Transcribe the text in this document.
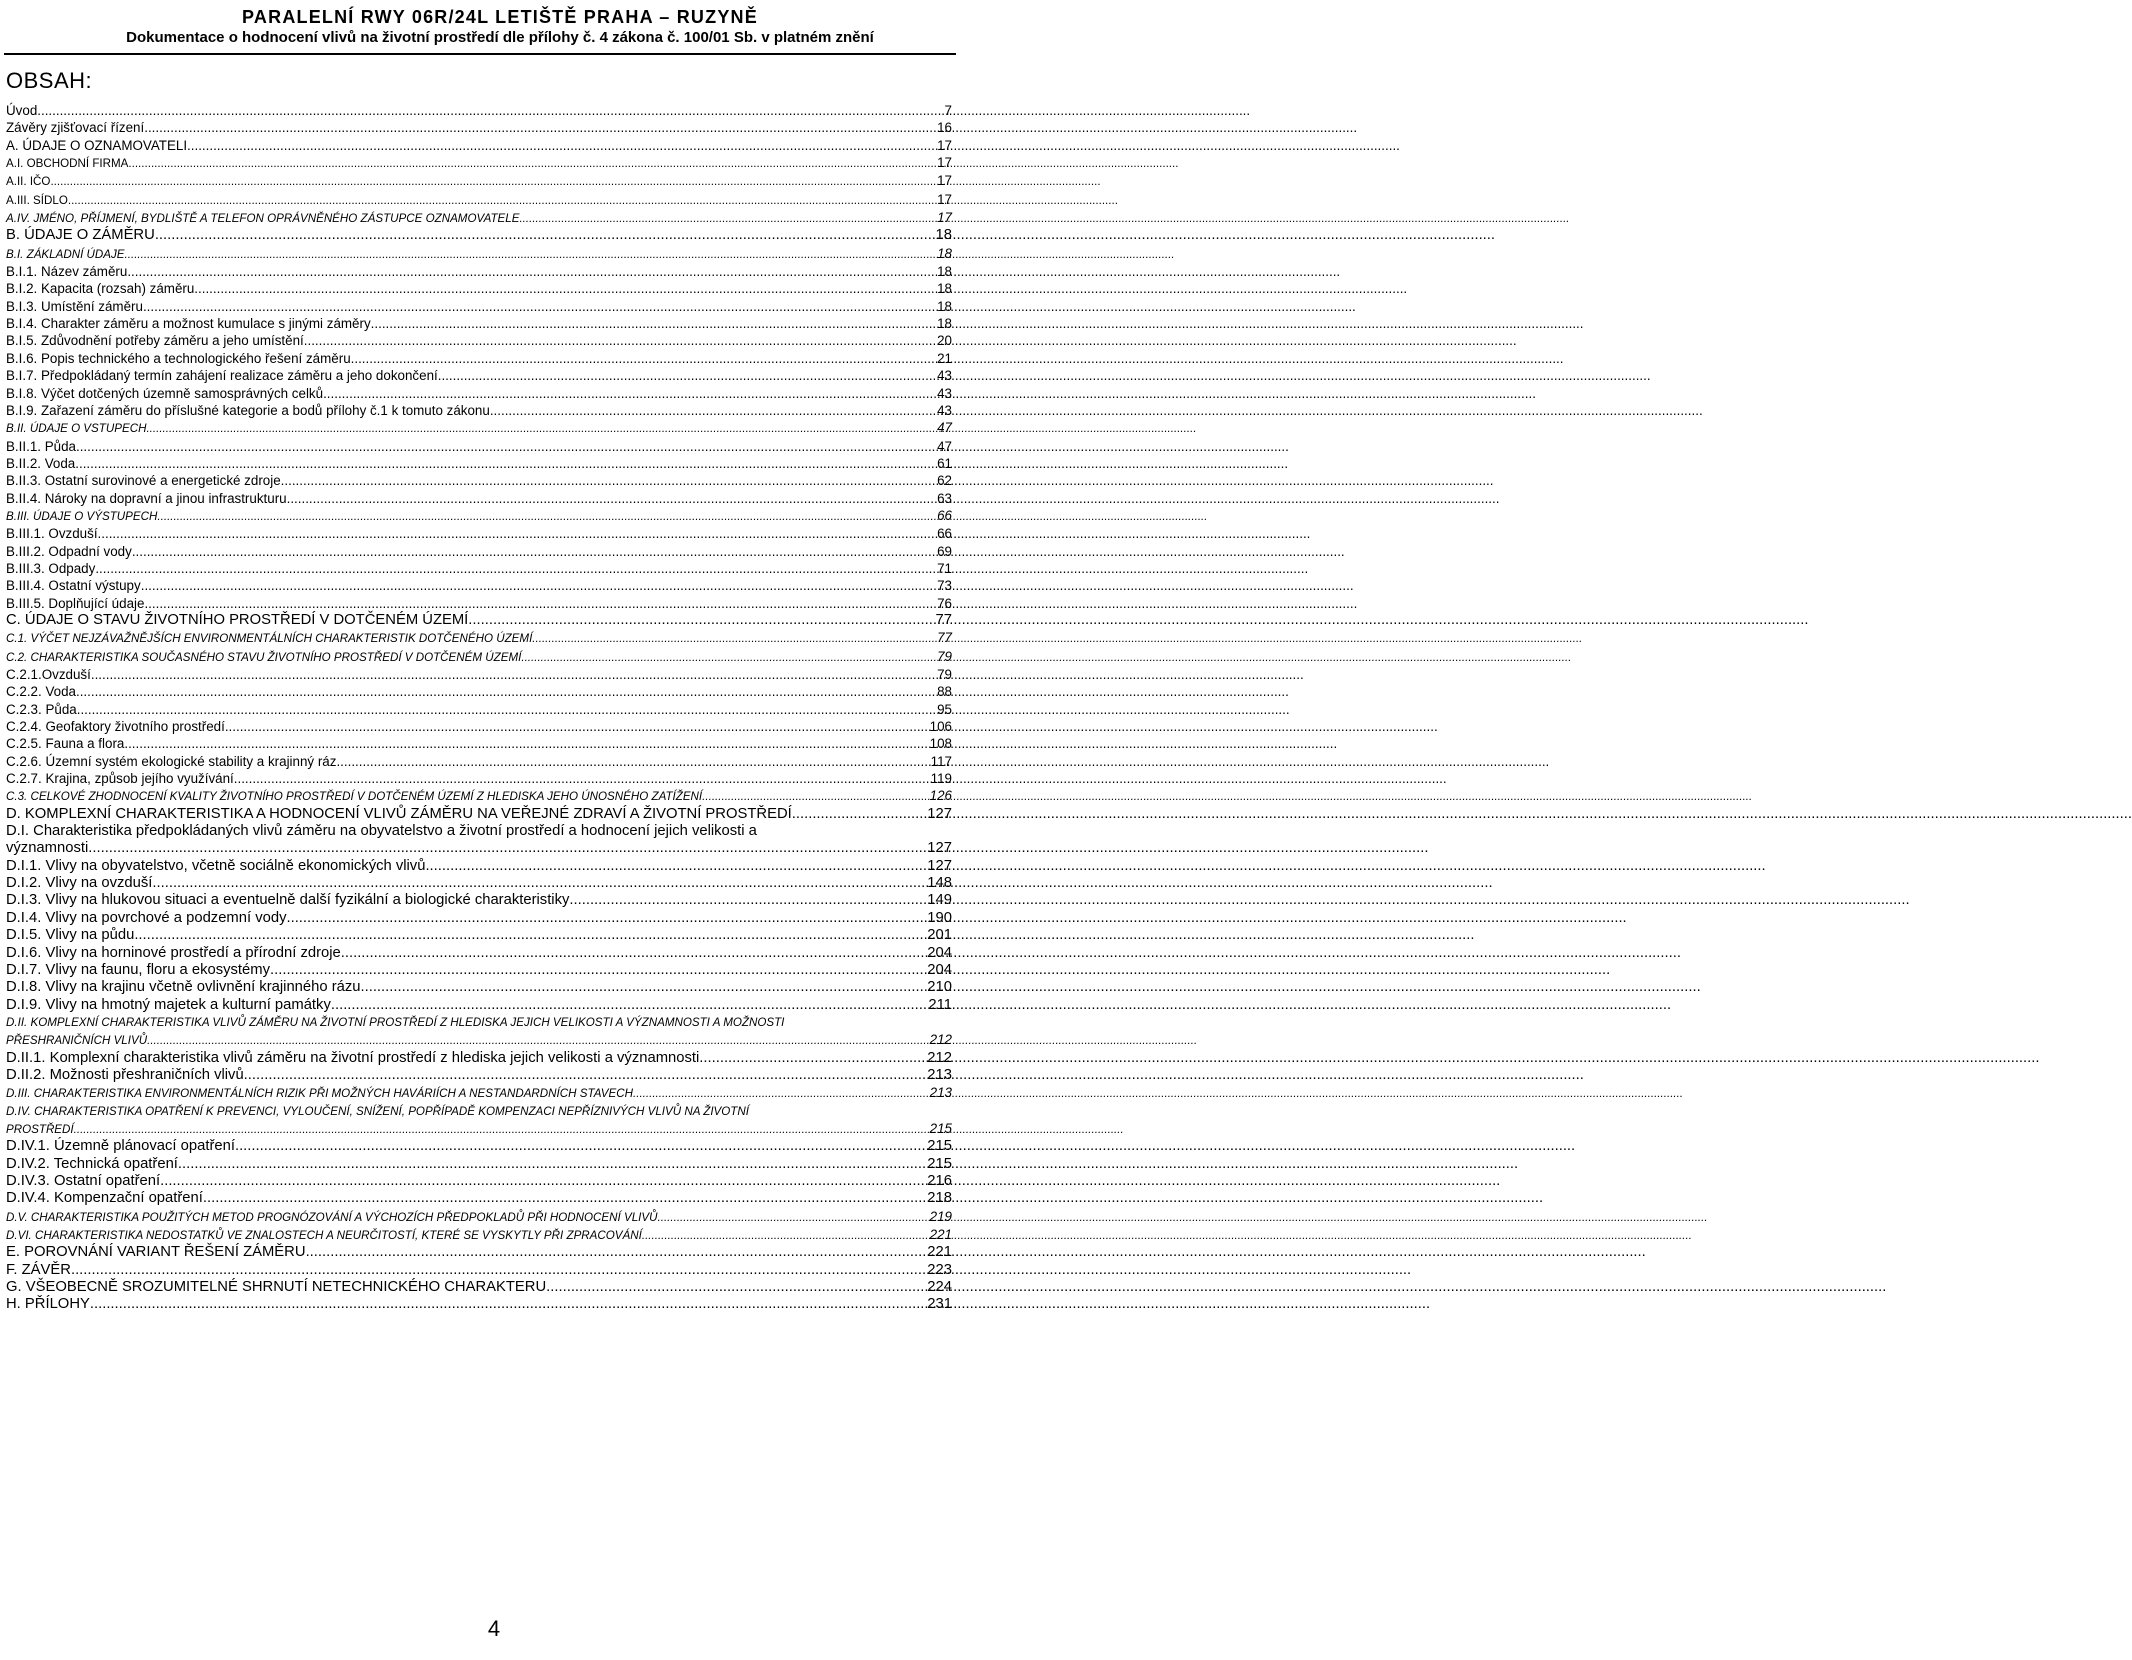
PARALELNÍ RWY 06R/24L LETIŠTĚ PRAHA – RUZYNĚ
Dokumentace o hodnocení vlivů na životní prostředí dle přílohy č. 4 zákona č. 100/01 Sb. v platném znění
OBSAH:
Úvod .....	7
Závěry zjišťovací řízení .....	16
A. ÚDAJE O OZNAMOVATELI .....	17
A.I. OBCHODNÍ FIRMA .....	17
A.II. IČO .....	17
A.III. SÍDLO .....	17
A.IV. JMÉNO, PŘÍJMENÍ, BYDLIŠTĚ A TELEFON OPRÁVNĚNÉHO ZÁSTUPCE OZNAMOVATELE .....	17
B. ÚDAJE O ZÁMĚRU .....	18
B.I. ZÁKLADNÍ ÚDAJE .....	18
B.I.1. Název záměru .....	18
B.I.2. Kapacita (rozsah) záměru .....	18
B.I.3. Umístění záměru .....	18
B.I.4. Charakter záměru a možnost kumulace s jinými záměry .....	18
B.I.5. Zdůvodnění potřeby záměru a jeho umístění .....	20
B.I.6. Popis technického a technologického řešení záměru .....	21
B.I.7. Předpokládaný termín zahájení realizace záměru a jeho dokončení .....	43
B.I.8. Výčet dotčených územně samosprávných celků .....	43
B.I.9. Zařazení záměru do příslušné kategorie a bodů přílohy č.1 k tomuto zákonu .....	43
B.II. ÚDAJE O VSTUPECH .....	47
B.II.1. Půda .....	47
B.II.2. Voda .....	61
B.II.3. Ostatní surovinové a energetické zdroje .....	62
B.II.4. Nároky na dopravní a jinou infrastrukturu .....	63
B.III. ÚDAJE O VÝSTUPECH .....	66
B.III.1. Ovzduší .....	66
B.III.2. Odpadní vody .....	69
B.III.3. Odpady .....	71
B.III.4. Ostatní výstupy .....	73
B.III.5. Doplňující údaje .....	76
C. ÚDAJE O STAVU ŽIVOTNÍHO PROSTŘEDÍ V DOTČENÉM ÚZEMÍ .....	77
C.1. VÝČET NEJZÁVAŽNĚJŠÍCH ENVIRONMENTÁLNÍCH CHARAKTERISTIK DOTČENÉHO ÚZEMÍ .....	77
C.2. CHARAKTERISTIKA SOUČASNÉHO STAVU ŽIVOTNÍHO PROSTŘEDÍ V DOTČENÉM ÚZEMÍ .....	79
C.2.1.Ovzduší .....	79
C.2.2. Voda .....	88
C.2.3. Půda .....	95
C.2.4. Geofaktory životního prostředí .....	106
C.2.5. Fauna a flora .....	108
C.2.6. Územní systém ekologické stability a krajinný ráz .....	117
C.2.7. Krajina, způsob jejího využívání .....	119
C.3. CELKOVÉ ZHODNOCENÍ KVALITY ŽIVOTNÍHO PROSTŘEDÍ V DOTČENÉM ÚZEMÍ Z HLEDISKA JEHO ÚNOSNÉHO ZATÍŽENÍ .....	126
D. KOMPLEXNÍ CHARAKTERISTIKA A HODNOCENÍ VLIVŮ ZÁMĚRU NA VEŘEJNÉ ZDRAVÍ A ŽIVOTNÍ PROSTŘEDÍ .....	127
D.I. Charakteristika předpokládaných vlivů záměru na obyvatelstvo a životní prostředí a hodnocení jejich velikosti a
významnosti .....	127
D.I.1. Vlivy na obyvatelstvo, včetně sociálně ekonomických vlivů .....	127
D.I.2. Vlivy na ovzduší .....	148
D.I.3. Vlivy na hlukovou situaci a eventuelně další fyzikální a biologické charakteristiky .....	149
D.I.4. Vlivy na povrchové a podzemní vody .....	190
D.I.5. Vlivy na půdu .....	201
D.I.6. Vlivy na horninové prostředí a přírodní zdroje .....	204
D.I.7. Vlivy na faunu, floru a ekosystémy .....	204
D.I.8. Vlivy na krajinu včetně ovlivnění krajinného rázu .....	210
D.I.9. Vlivy na hmotný majetek a kulturní památky .....	211
D.II. KOMPLEXNÍ CHARAKTERISTIKA VLIVŮ ZÁMĚRU NA ŽIVOTNÍ PROSTŘEDÍ Z HLEDISKA JEJICH VELIKOSTI A VÝZNAMNOSTI A MOŽNOSTI
PŘESHRANIČNÍCH VLIVŮ .....	212
D.II.1. Komplexní charakteristika vlivů záměru na životní prostředí z hlediska jejich velikosti a významnosti .....	212
D.II.2. Možnosti přeshraničních vlivů .....	213
D.III. CHARAKTERISTIKA ENVIRONMENTÁLNÍCH RIZIK PŘI MOŽNÝCH HAVÁRIÍCH A NESTANDARDNÍCH STAVECH .....	213
D.IV. CHARAKTERISTIKA OPATŘENÍ K PREVENCI, VYLOUČENÍ, SNÍŽENÍ, POPŘÍPADĚ KOMPENZACI NEPŘÍZNIVÝCH VLIVŮ NA ŽIVOTNÍ
PROSTŘEDÍ .....	215
D.IV.1. Územně plánovací opatření .....	215
D.IV.2. Technická opatření .....	215
D.IV.3. Ostatní opatření .....	216
D.IV.4. Kompenzační opatření .....	218
D.V. CHARAKTERISTIKA POUŽITÝCH METOD PROGNÓZOVÁNÍ A VÝCHOZÍCH PŘEDPOKLADŮ PŘI HODNOCENÍ VLIVŮ .....	219
D.VI. CHARAKTERISTIKA NEDOSTATKŮ VE ZNALOSTECH A NEURČITOSTÍ, KTERÉ SE VYSKYTLY PŘI ZPRACOVÁNÍ .....	221
E. POROVNÁNÍ VARIANT ŘEŠENÍ ZÁMĚRU .....	221
F. ZÁVĚR .....	223
G. VŠEOBECNĚ SROZUMITELNÉ SHRNUTÍ NETECHNICKÉHO CHARAKTERU .....	224
H. PŘÍLOHY .....	231
4
